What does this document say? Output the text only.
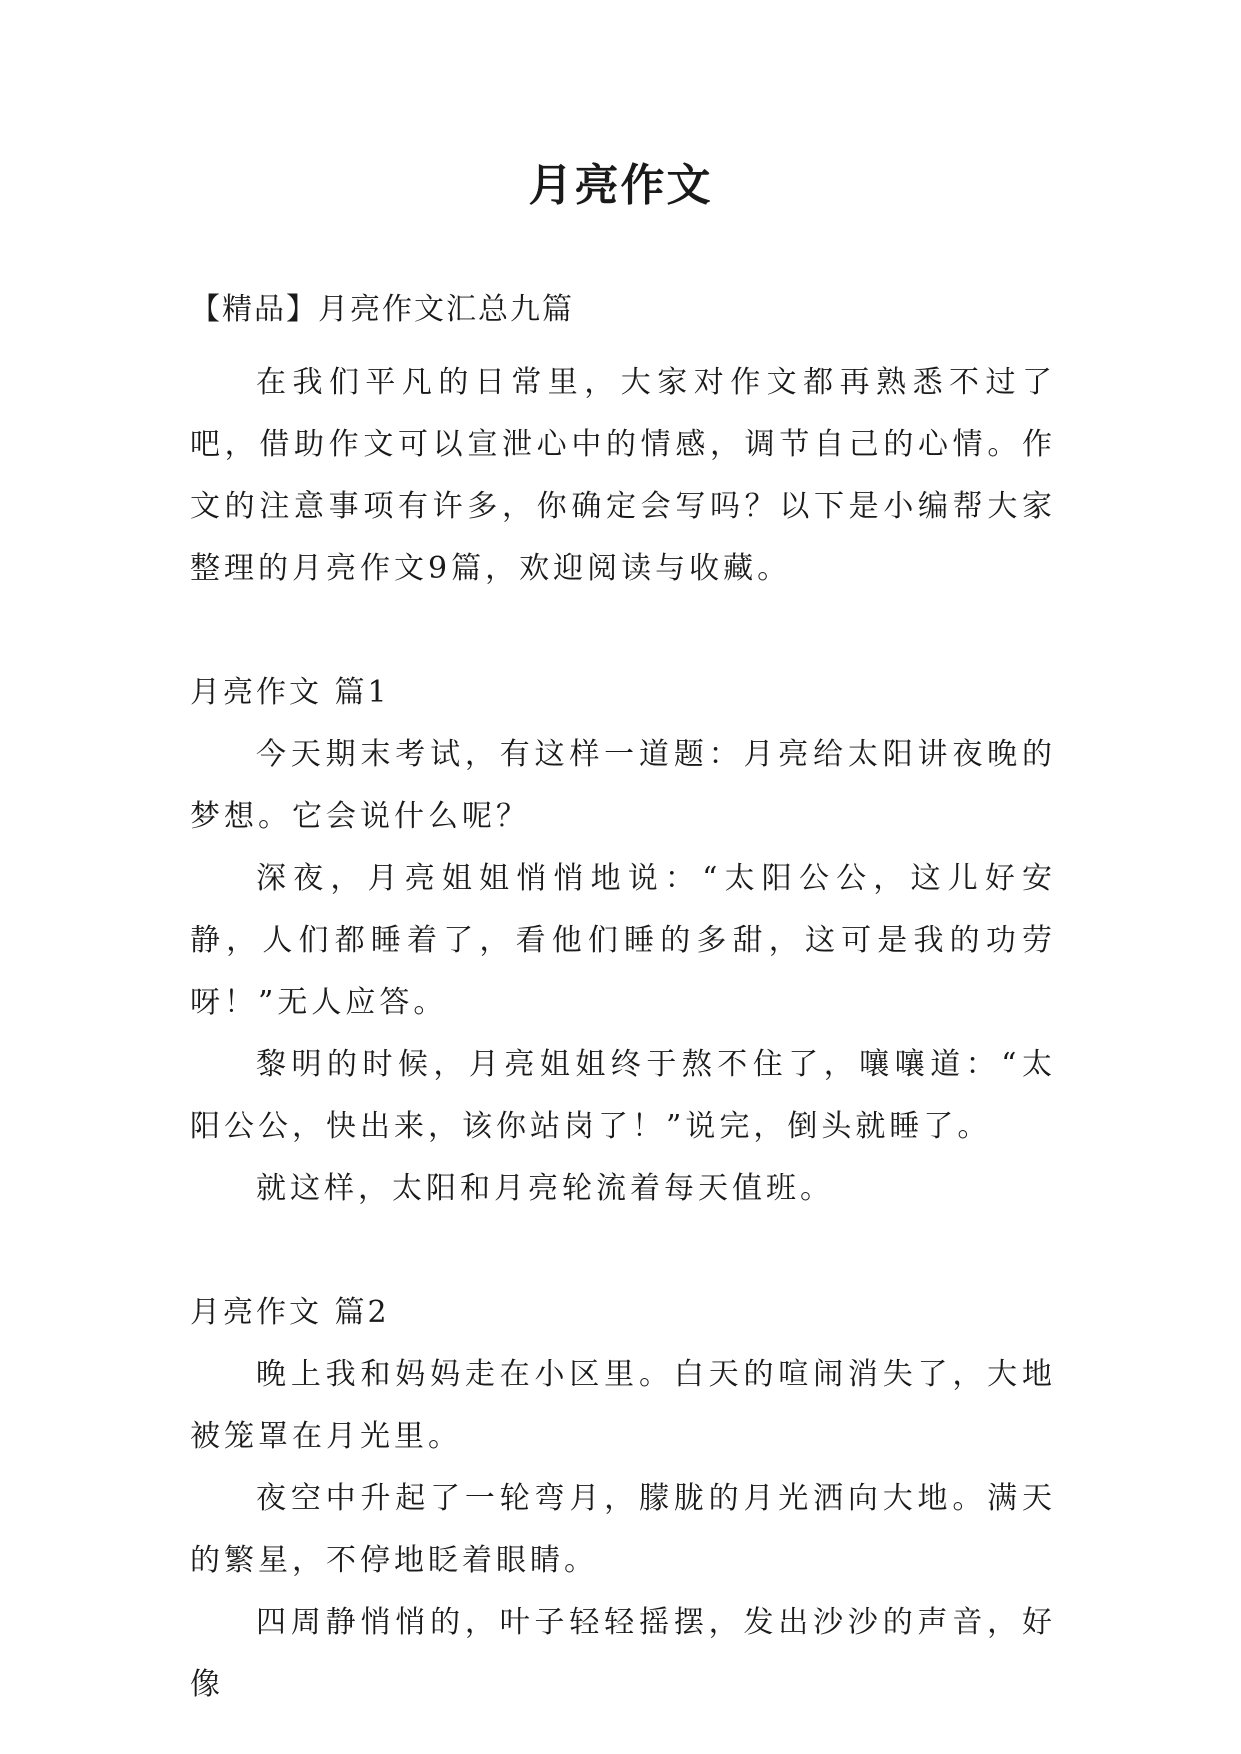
月亮作文
【精品】月亮作文汇总九篇

在我们平凡的日常里，大家对作文都再熟悉不过了吧，借助作文可以宣泄心中的情感，调节自己的心情。作文的注意事项有许多，你确定会写吗？以下是小编帮大家整理的月亮作文9篇，欢迎阅读与收藏。

月亮作文 篇1

今天期末考试，有这样一道题：月亮给太阳讲夜晚的梦想。它会说什么呢？

深夜，月亮姐姐悄悄地说：“太阳公公，这儿好安静，人们都睡着了，看他们睡的多甜，这可是我的功劳呀！”无人应答。

黎明的时候，月亮姐姐终于熬不住了，嚷嚷道：“太阳公公，快出来，该你站岗了！”说完，倒头就睡了。

就这样，太阳和月亮轮流着每天值班。

月亮作文 篇2

晚上我和妈妈走在小区里。白天的喧闹消失了，大地被笼罩在月光里。

夜空中升起了一轮弯月，朦胧的月光洒向大地。满天的繁星，不停地眨着眼睛。

四周静悄悄的，叶子轻轻摇摆，发出沙沙的声音，好像
